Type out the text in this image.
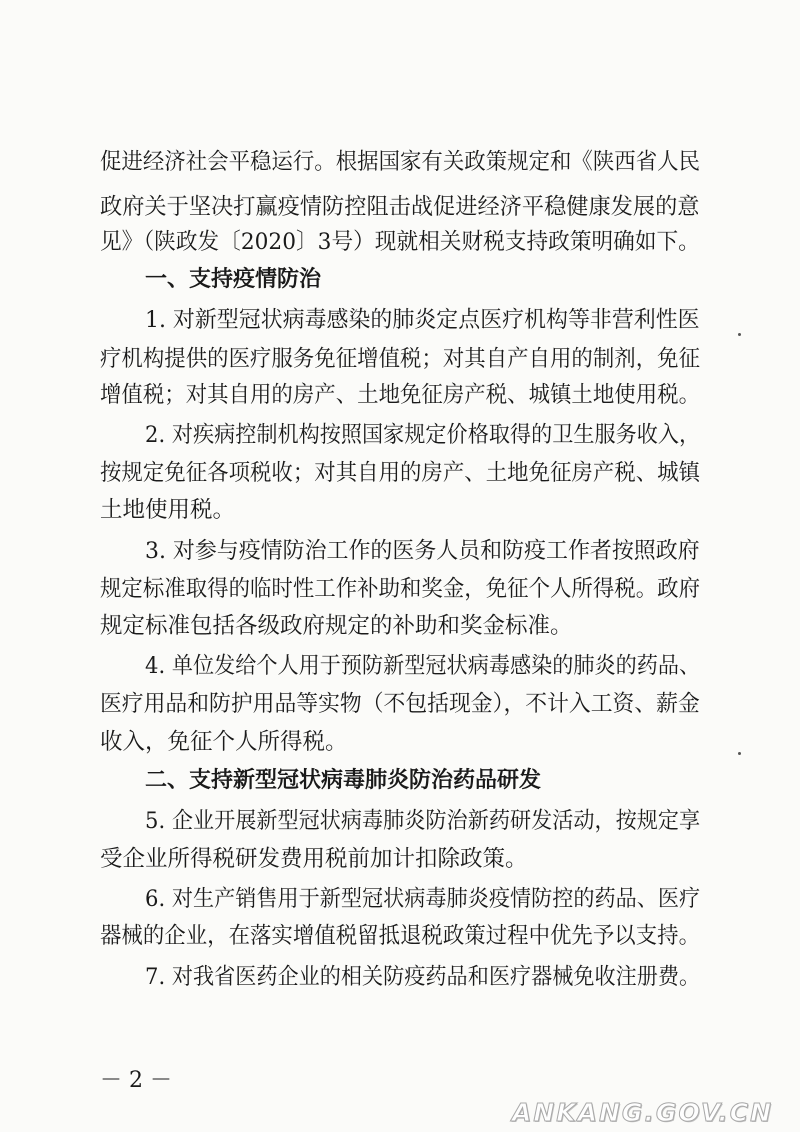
促进经济社会平稳运行。根据国家有关政策规定和《陕西省人民
政府关于坚决打赢疫情防控阻击战促进经济平稳健康发展的意
见》（陕政发〔2020〕3号）现就相关财税支持政策明确如下。
一、支持疫情防治
1. 对新型冠状病毒感染的肺炎定点医疗机构等非营利性医
疗机构提供的医疗服务免征增值税；对其自产自用的制剂，免征
增值税；对其自用的房产、土地免征房产税、城镇土地使用税。
2. 对疾病控制机构按照国家规定价格取得的卫生服务收入，
按规定免征各项税收；对其自用的房产、土地免征房产税、城镇
土地使用税。
3. 对参与疫情防治工作的医务人员和防疫工作者按照政府
规定标准取得的临时性工作补助和奖金，免征个人所得税。政府
规定标准包括各级政府规定的补助和奖金标准。
4. 单位发给个人用于预防新型冠状病毒感染的肺炎的药品、
医疗用品和防护用品等实物（不包括现金），不计入工资、薪金
收入，免征个人所得税。
二、支持新型冠状病毒肺炎防治药品研发
5. 企业开展新型冠状病毒肺炎防治新药研发活动，按规定享
受企业所得税研发费用税前加计扣除政策。
6. 对生产销售用于新型冠状病毒肺炎疫情防控的药品、医疗
器械的企业，在落实增值税留抵退税政策过程中优先予以支持。
7. 对我省医药企业的相关防疫药品和医疗器械免收注册费。
－ 2 －
ANKANG.GOV.CN
